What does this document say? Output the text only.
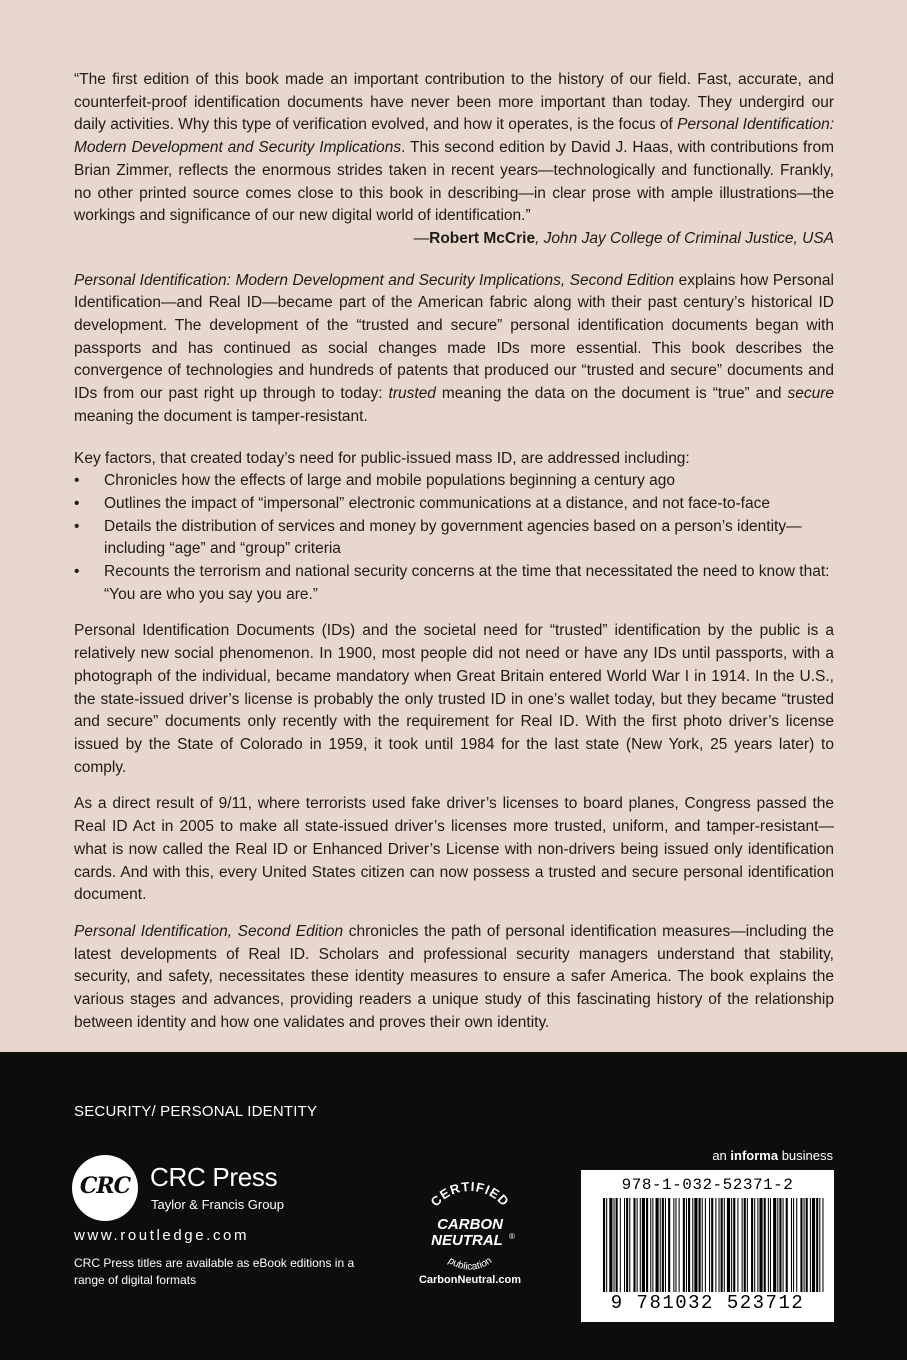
“The first edition of this book made an important contribution to the history of our field. Fast, accurate, and counterfeit-proof identification documents have never been more important than today. They undergird our daily activities. Why this type of verification evolved, and how it operates, is the focus of Personal Identification: Modern Development and Security Implications. This second edition by David J. Haas, with contributions from Brian Zimmer, reflects the enormous strides taken in recent years—technologically and functionally. Frankly, no other printed source comes close to this book in describing—in clear prose with ample illustrations—the workings and significance of our new digital world of identification.”

—Robert McCrie, John Jay College of Criminal Justice, USA

Personal Identification: Modern Development and Security Implications, Second Edition explains how Personal Identification—and Real ID—became part of the American fabric along with their past century’s historical ID development. The development of the “trusted and secure” personal identification documents began with passports and has continued as social changes made IDs more essential. This book describes the convergence of technologies and hundreds of patents that produced our “trusted and secure” documents and IDs from our past right up through to today: trusted meaning the data on the document is “true” and secure meaning the document is tamper-resistant.

Key factors, that created today’s need for public-issued mass ID, are addressed including:

• Chronicles how the effects of large and mobile populations beginning a century ago
• Outlines the impact of “impersonal” electronic communications at a distance, and not face-to-face
• Details the distribution of services and money by government agencies based on a person’s identity—including “age” and “group” criteria
• Recounts the terrorism and national security concerns at the time that necessitated the need to know that: “You are who you say you are.”

Personal Identification Documents (IDs) and the societal need for “trusted” identification by the public is a relatively new social phenomenon. In 1900, most people did not need or have any IDs until passports, with a photograph of the individual, became mandatory when Great Britain entered World War I in 1914. In the U.S., the state-issued driver’s license is probably the only trusted ID in one’s wallet today, but they became “trusted and secure” documents only recently with the requirement for Real ID. With the first photo driver’s license issued by the State of Colorado in 1959, it took until 1984 for the last state (New York, 25 years later) to comply.

As a direct result of 9/11, where terrorists used fake driver’s licenses to board planes, Congress passed the Real ID Act in 2005 to make all state-issued driver’s licenses more trusted, uniform, and tamper-resistant—what is now called the Real ID or Enhanced Driver’s License with non-drivers being issued only identification cards. And with this, every United States citizen can now possess a trusted and secure personal identification document.

Personal Identification, Second Edition chronicles the path of personal identification measures—including the latest developments of Real ID. Scholars and professional security managers understand that stability, security, and safety, necessitates these identity measures to ensure a safer America. The book explains the various stages and advances, providing readers a unique study of this fascinating history of the relationship between identity and how one validates and proves their own identity.

SECURITY/ PERSONAL IDENTITY
CRC CRC Press
Taylor & Francis Group
www.routledge.com
CRC Press titles are available as eBook editions in a range of digital formats
CERTIFIED
CARBON
NEUTRAL ®
publication
CarbonNeutral.com
an informa business
978-1-032-52371-2
9 781032 523712
